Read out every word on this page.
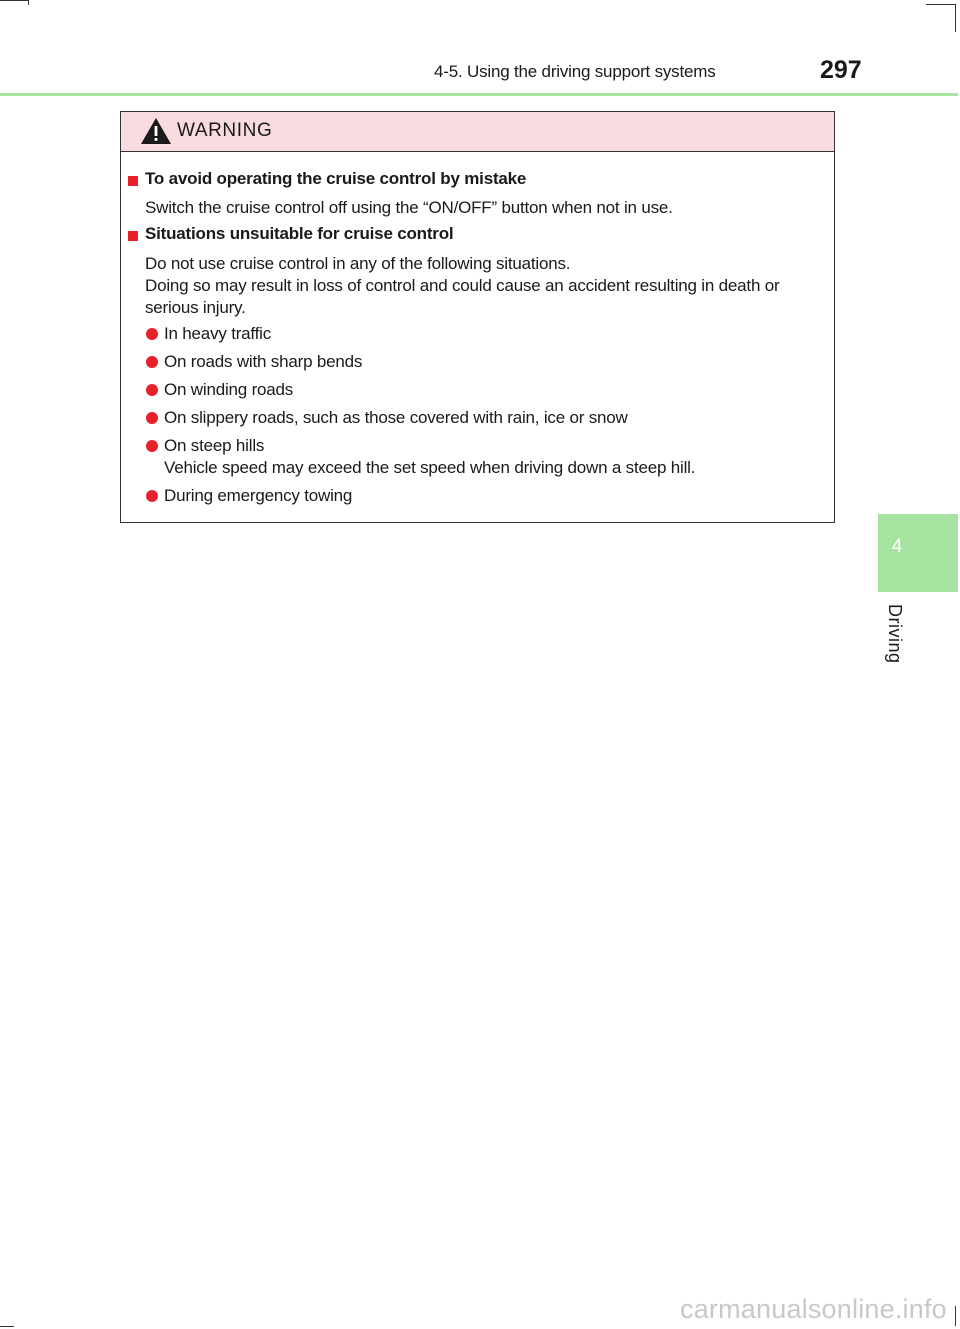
4-5. Using the driving support systems	297
4
Driving
WARNING
To avoid operating the cruise control by mistake
Switch the cruise control off using the “ON/OFF” button when not in use.
Situations unsuitable for cruise control
Do not use cruise control in any of the following situations.
Doing so may result in loss of control and could cause an accident resulting in death or serious injury.
In heavy traffic
On roads with sharp bends
On winding roads
On slippery roads, such as those covered with rain, ice or snow
On steep hills
Vehicle speed may exceed the set speed when driving down a steep hill.
During emergency towing
carmanualsonline.info
